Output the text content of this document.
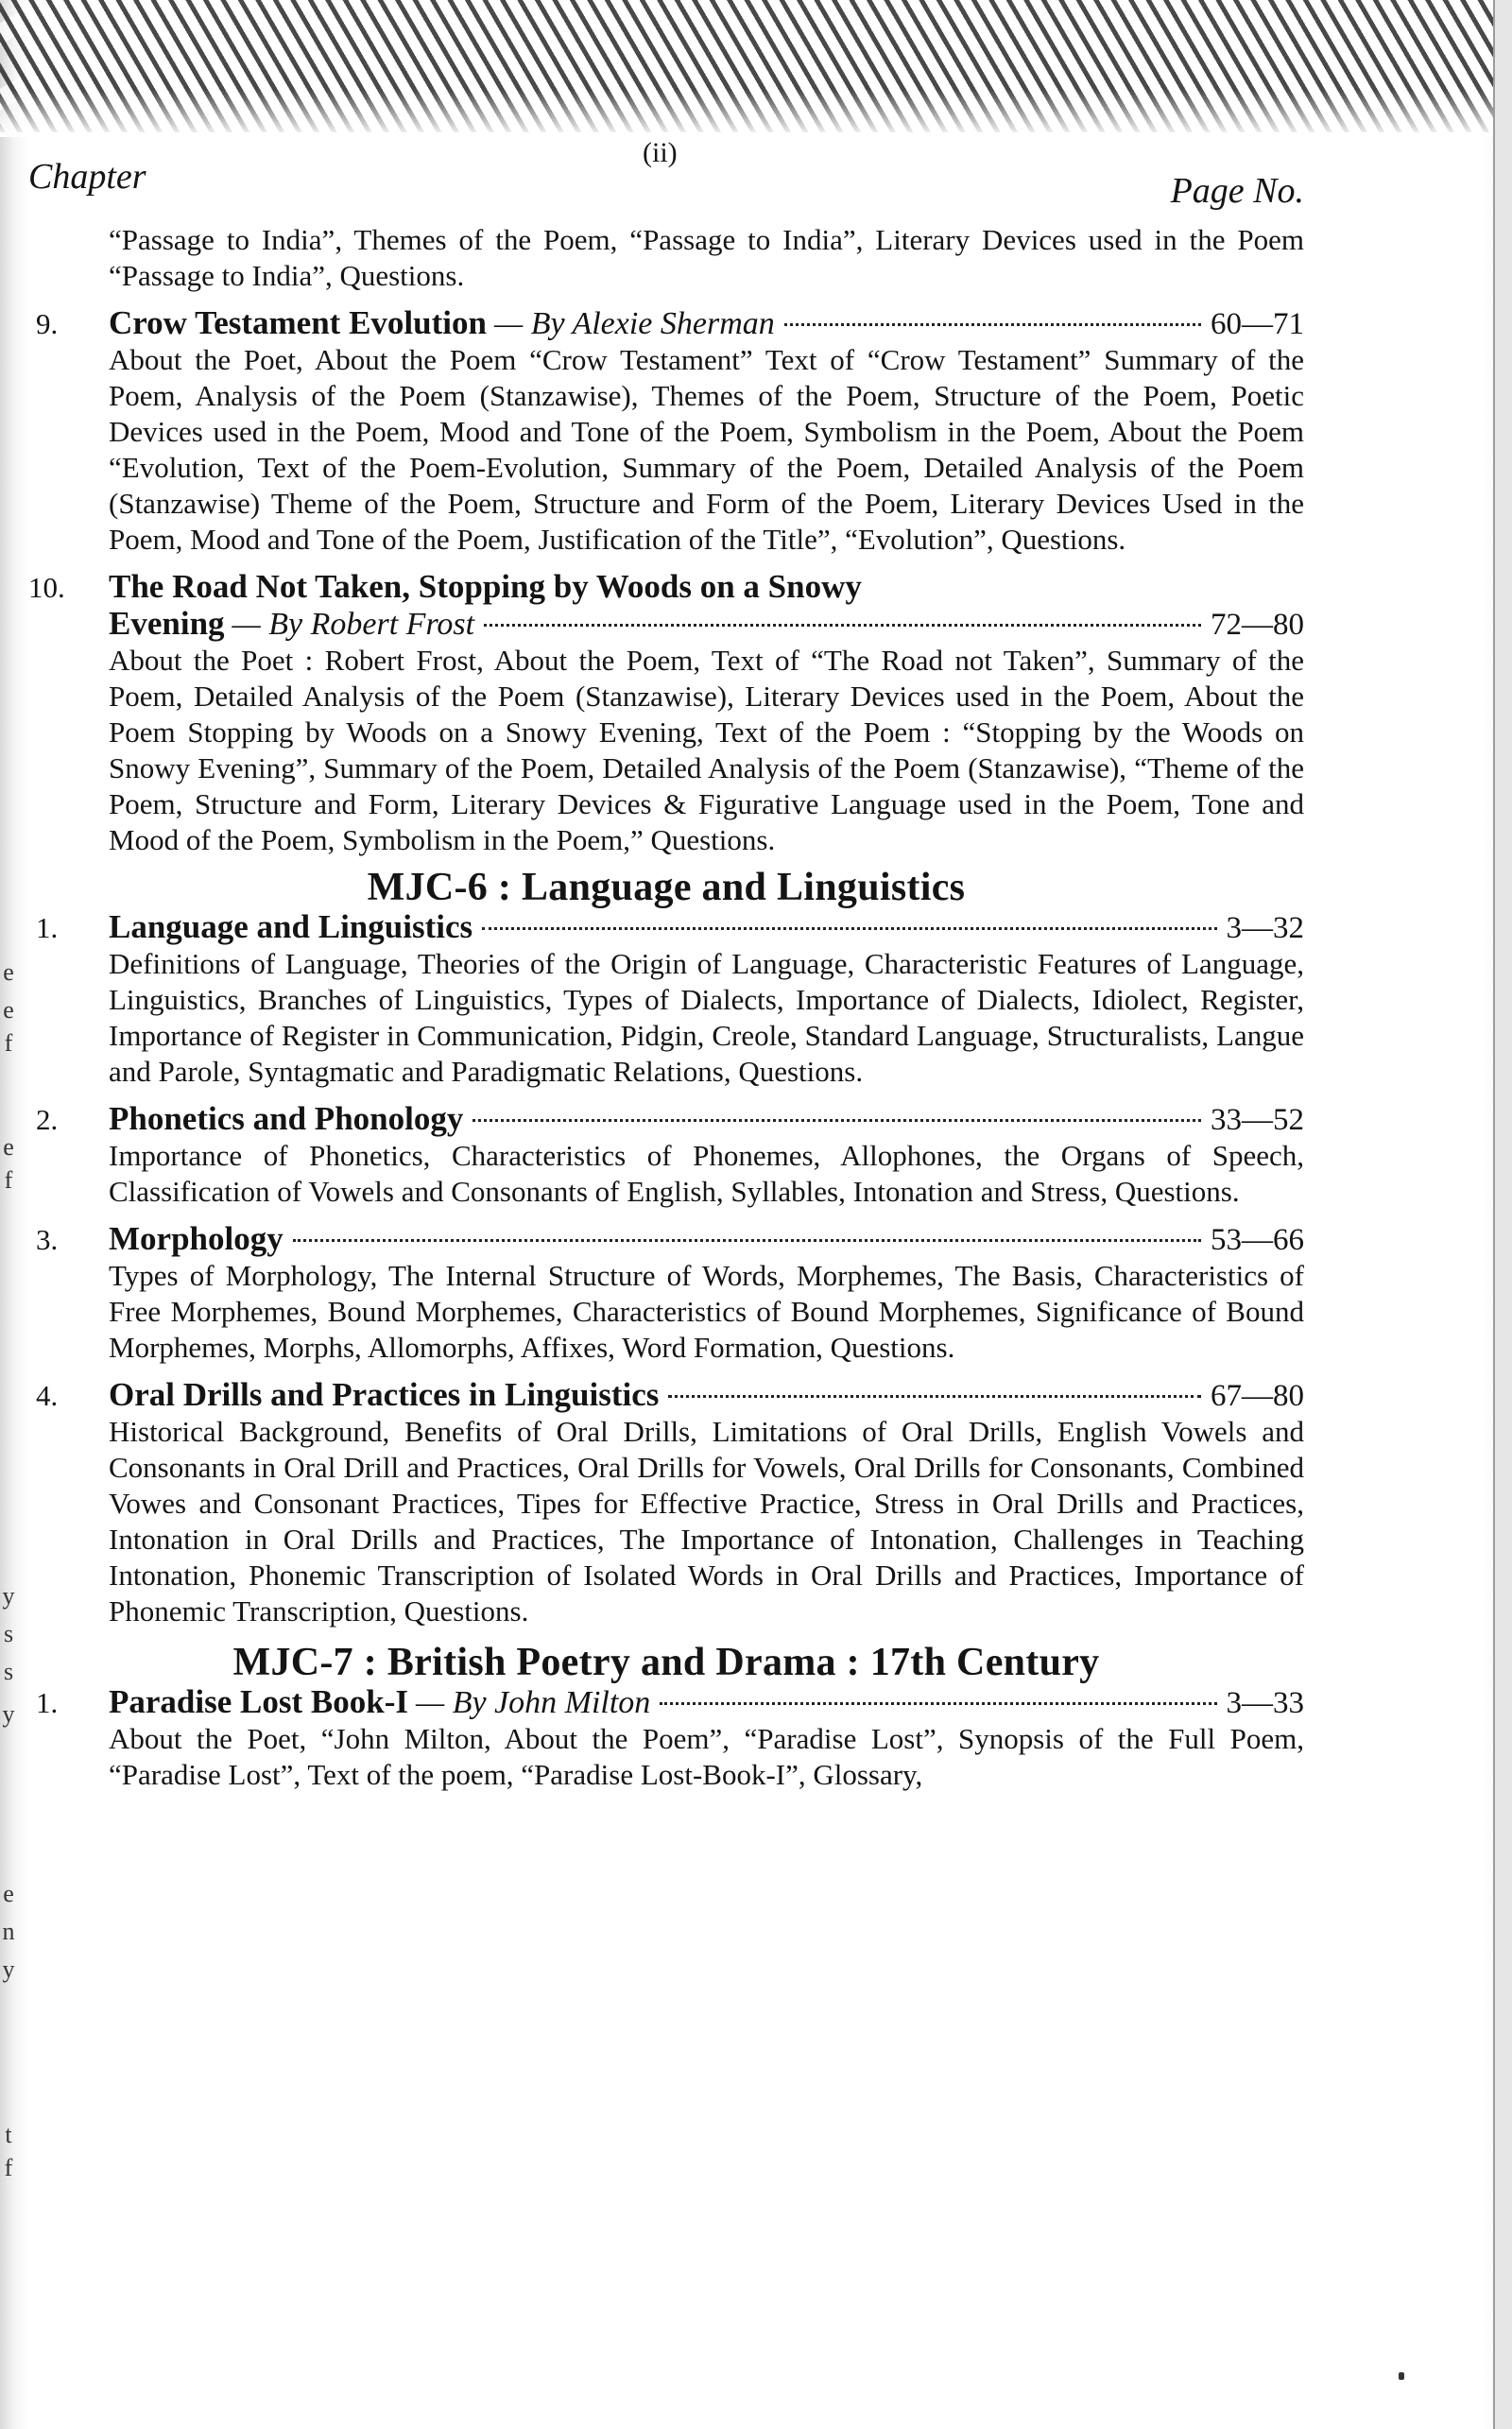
e
e
f
e
f
y
s
s
y
e
n
y
t
f
Chapter
(ii)
Page No.
“Passage to India”, Themes of the Poem, “Passage to India”, Literary Devices used in the Poem “Passage to India”, Questions.
9.	Crow Testament Evolution — By Alexie Sherman	60—71
About the Poet, About the Poem “Crow Testament” Text of “Crow Testament” Summary of the Poem, Analysis of the Poem (Stanzawise), Themes of the Poem, Structure of the Poem, Poetic Devices used in the Poem, Mood and Tone of the Poem, Symbolism in the Poem, About the Poem “Evolution, Text of the Poem-Evolution, Summary of the Poem, Detailed Analysis of the Poem (Stanzawise) Theme of the Poem, Structure and Form of the Poem, Literary Devices Used in the Poem, Mood and Tone of the Poem, Justification of the Title”, “Evolution”, Questions.
10.	The Road Not Taken, Stopping by Woods on a Snowy
Evening — By Robert Frost	72—80
About the Poet : Robert Frost, About the Poem, Text of “The Road not Taken”, Summary of the Poem, Detailed Analysis of the Poem (Stanzawise), Literary Devices used in the Poem, About the Poem Stopping by Woods on a Snowy Evening, Text of the Poem : “Stopping by the Woods on Snowy Evening”, Summary of the Poem, Detailed Analysis of the Poem (Stanzawise), “Theme of the Poem, Structure and Form, Literary Devices & Figurative Language used in the Poem, Tone and Mood of the Poem, Symbolism in the Poem,” Questions.
MJC-6 : Language and Linguistics
1.	Language and Linguistics	3—32
Definitions of Language, Theories of the Origin of Language, Characteristic Features of Language, Linguistics, Branches of Linguistics, Types of Dialects, Importance of Dialects, Idiolect, Register, Importance of Register in Communication, Pidgin, Creole, Standard Language, Structuralists, Langue and Parole, Syntagmatic and Paradigmatic Relations, Questions.
2.	Phonetics and Phonology	33—52
Importance of Phonetics, Characteristics of Phonemes, Allophones, the Organs of Speech, Classification of Vowels and Consonants of English, Syllables, Intonation and Stress, Questions.
3.	Morphology	53—66
Types of Morphology, The Internal Structure of Words, Morphemes, The Basis, Characteristics of Free Morphemes, Bound Morphemes, Characteristics of Bound Morphemes, Significance of Bound Morphemes, Morphs, Allomorphs, Affixes, Word Formation, Questions.
4.	Oral Drills and Practices in Linguistics	67—80
Historical Background, Benefits of Oral Drills, Limitations of Oral Drills, English Vowels and Consonants in Oral Drill and Practices, Oral Drills for Vowels, Oral Drills for Consonants, Combined Vowes and Consonant Practices, Tipes for Effective Practice, Stress in Oral Drills and Practices, Intonation in Oral Drills and Practices, The Importance of Intonation, Challenges in Teaching Intonation, Phonemic Transcription of Isolated Words in Oral Drills and Practices, Importance of Phonemic Transcription, Questions.
MJC-7 : British Poetry and Drama : 17th Century
1.	Paradise Lost Book-I — By John Milton	3—33
About the Poet, “John Milton, About the Poem”, “Paradise Lost”, Synopsis of the Full Poem, “Paradise Lost”, Text of the poem, “Paradise Lost-Book-I”, Glossary,
